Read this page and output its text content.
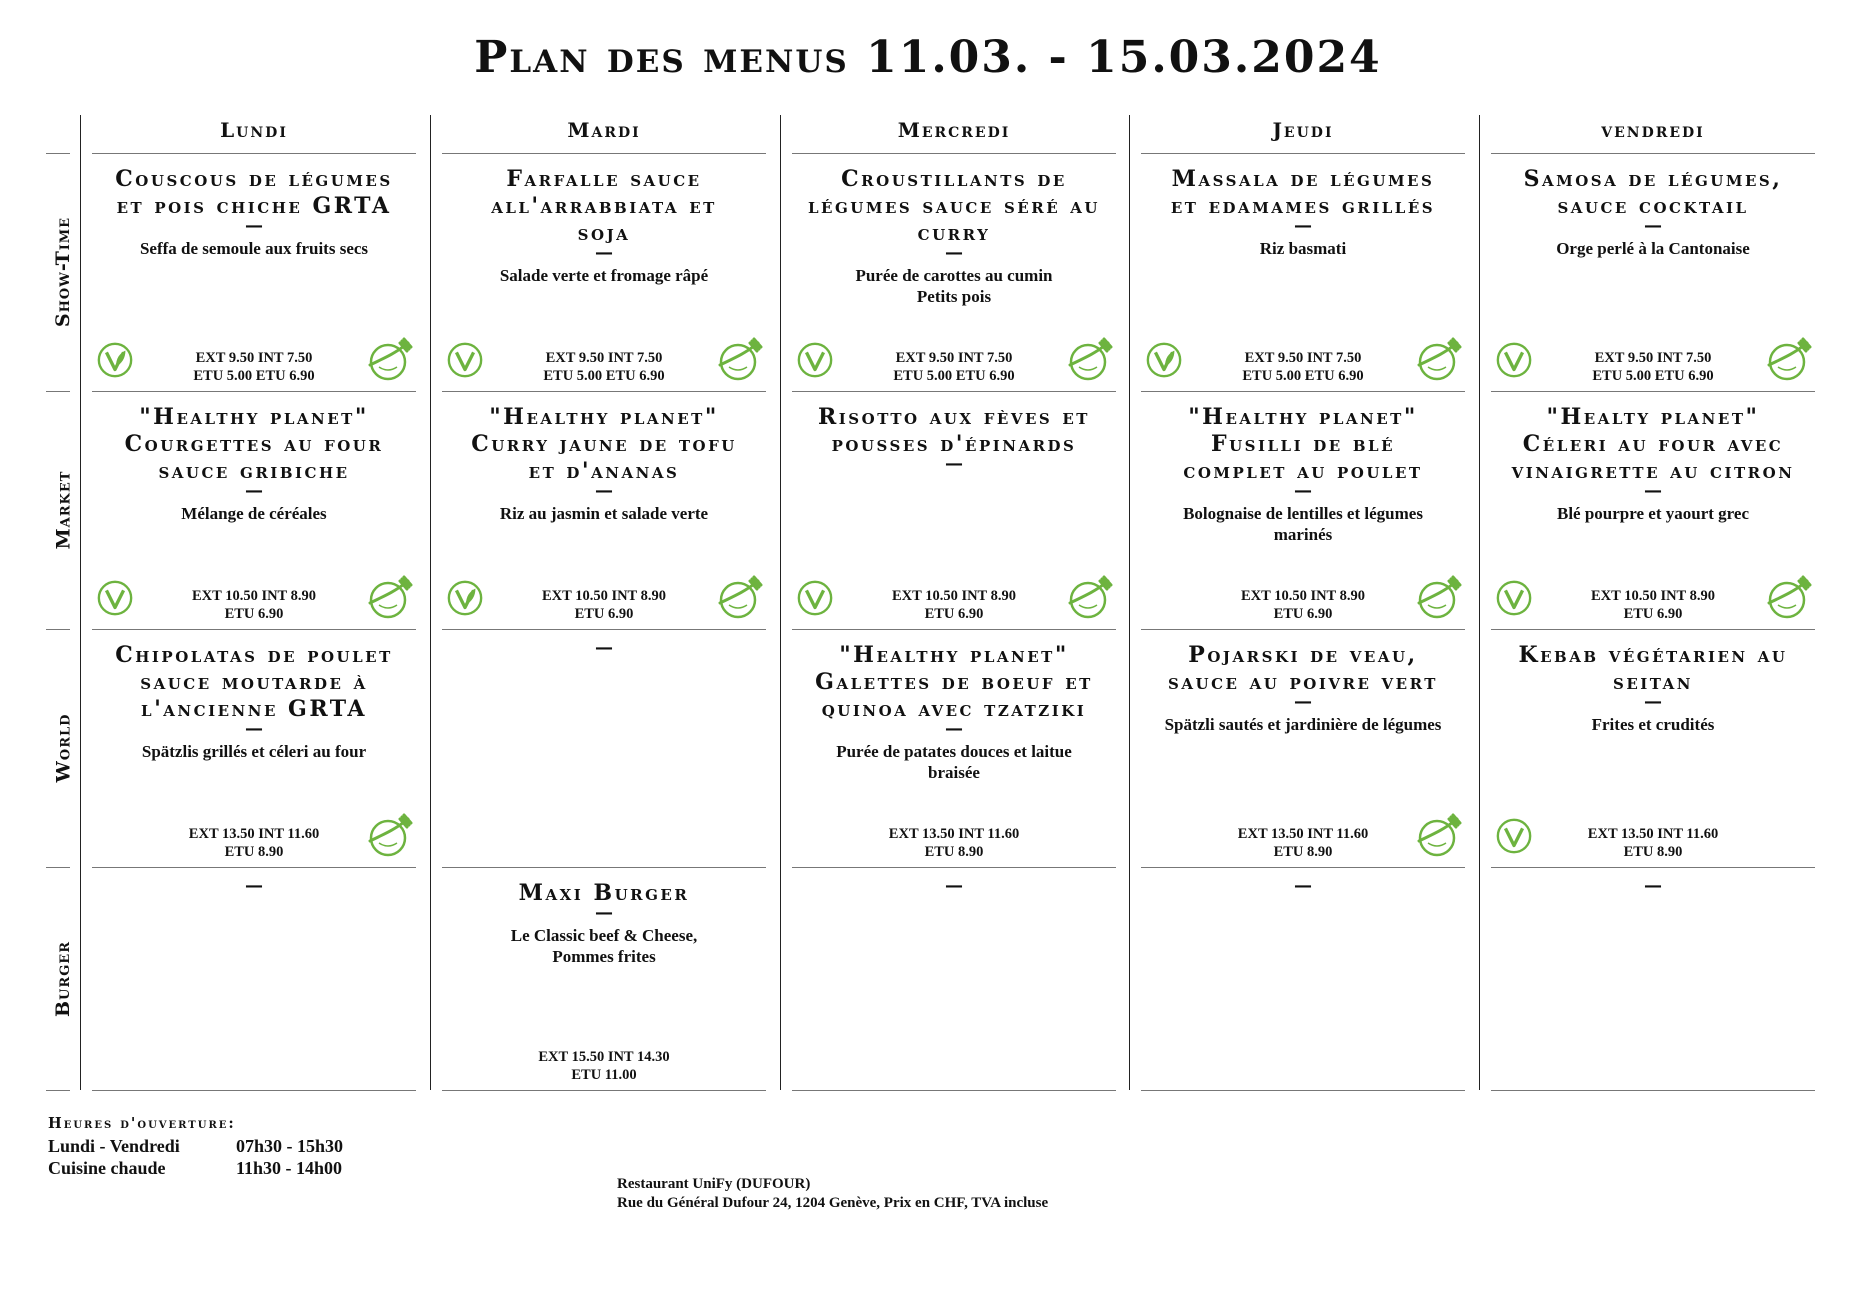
Plan des menus 11.03. - 15.03.2024
Show-Time
Market
World
Burger
Lundi
Couscous de légumes
et pois chiche GRTA
—
Seffa de semoule aux fruits secs
EXT 9.50 INT 7.50
ETU 5.00 ETU 6.90
"Healthy planet"
Courgettes au four
sauce gribiche
—
Mélange de céréales
EXT 10.50 INT 8.90
ETU 6.90
Chipolatas de poulet
sauce moutarde à
l'ancienne GRTA
—
Spätzlis grillés et céleri au four
EXT 13.50 INT 11.60
ETU 8.90
—
Mardi
Farfalle sauce
all'arrabbiata et
soja
—
Salade verte et fromage râpé
EXT 9.50 INT 7.50
ETU 5.00 ETU 6.90
"Healthy planet"
Curry jaune de tofu
et d'ananas
—
Riz au jasmin et salade verte
EXT 10.50 INT 8.90
ETU 6.90
—
Maxi Burger
—
Le Classic beef & Cheese,
Pommes frites
EXT 15.50 INT 14.30
ETU 11.00
Mercredi
Croustillants de
légumes sauce séré au
curry
—
Purée de carottes au cumin
Petits pois
EXT 9.50 INT 7.50
ETU 5.00 ETU 6.90
Risotto aux fèves et
pousses d'épinards
—
EXT 10.50 INT 8.90
ETU 6.90
"Healthy planet"
Galettes de boeuf et
quinoa avec tzatziki
—
Purée de patates douces et laitue
braisée
EXT 13.50 INT 11.60
ETU 8.90
—
Jeudi
Massala de légumes
et edamames grillés
—
Riz basmati
EXT 9.50 INT 7.50
ETU 5.00 ETU 6.90
"Healthy planet"
Fusilli de blé
complet au poulet
—
Bolognaise de lentilles et légumes
marinés
EXT 10.50 INT 8.90
ETU 6.90
Pojarski de veau,
sauce au poivre vert
—
Spätzli sautés et jardinière de légumes
EXT 13.50 INT 11.60
ETU 8.90
—
vendredi
Samosa de légumes,
sauce cocktail
—
Orge perlé à la Cantonaise
EXT 9.50 INT 7.50
ETU 5.00 ETU 6.90
"Healty planet"
Céleri au four avec
vinaigrette au citron
—
Blé pourpre et yaourt grec
EXT 10.50 INT 8.90
ETU 6.90
Kebab végétarien au
seitan
—
Frites et crudités
EXT 13.50 INT 11.60
ETU 8.90
—
Heures d'ouverture:
Lundi - Vendredi	07h30 - 15h30
Cuisine chaude	11h30 - 14h00
Restaurant UniFy (DUFOUR)
Rue du Général Dufour 24, 1204 Genève, Prix en CHF, TVA incluse
